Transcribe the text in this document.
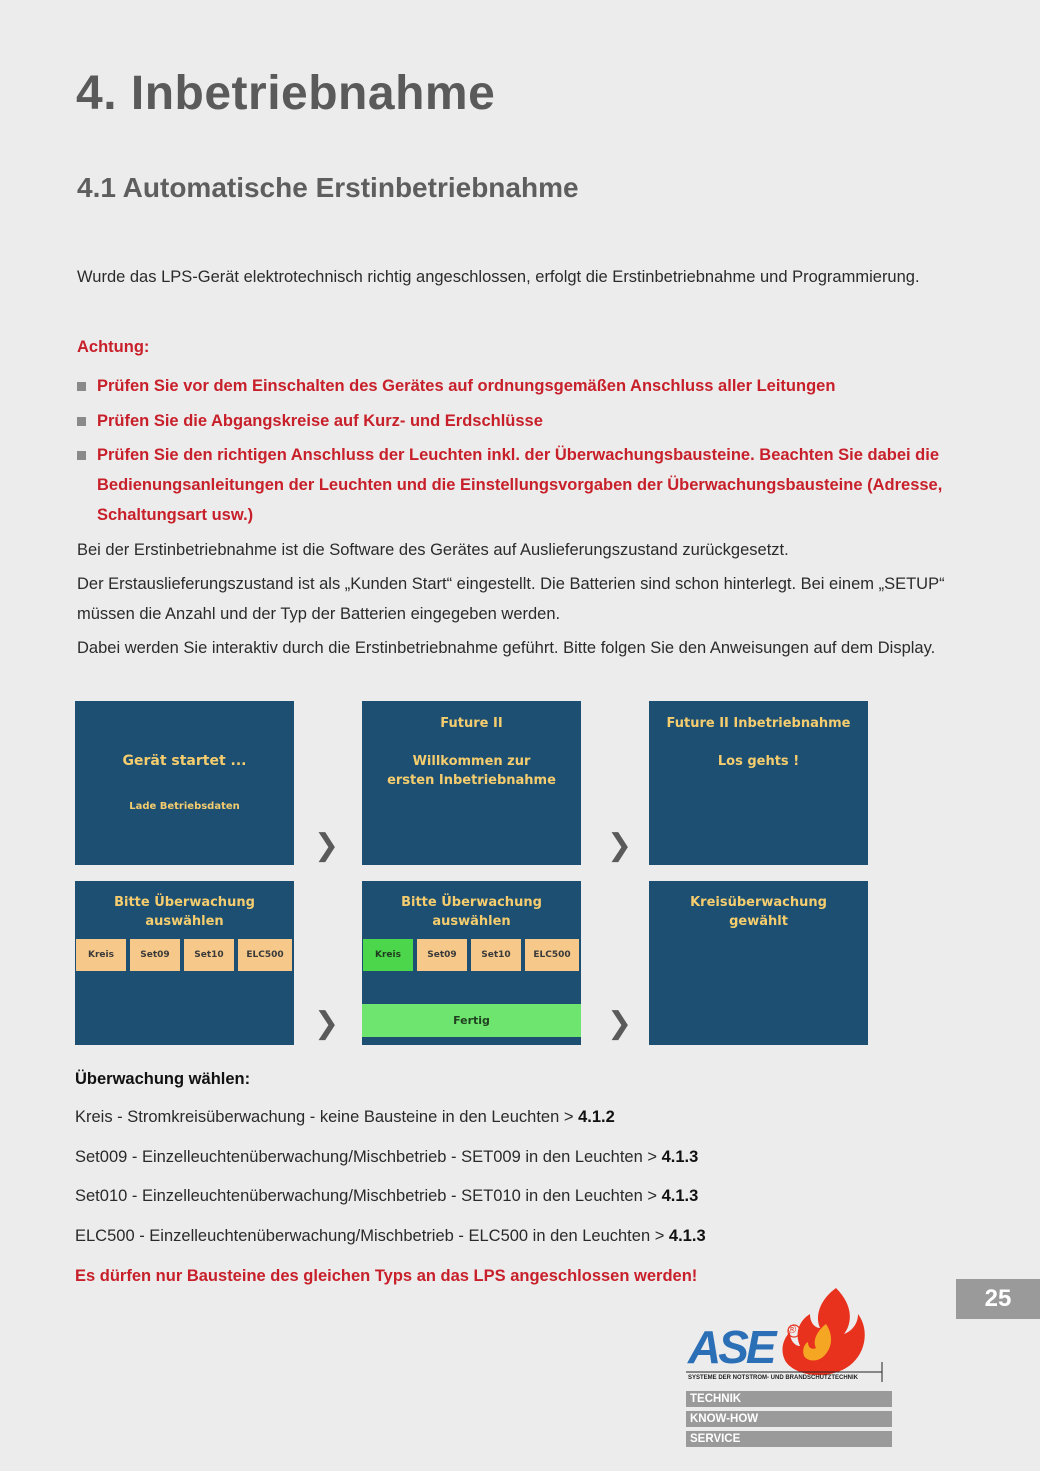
4. Inbetriebnahme
4.1 Automatische Erstinbetriebnahme
Wurde das LPS-Gerät elektrotechnisch richtig angeschlossen, erfolgt die Erstinbetriebnahme und Programmierung.
Achtung:
Prüfen Sie vor dem Einschalten des Gerätes auf ordnungsgemäßen Anschluss aller Leitungen
Prüfen Sie die Abgangskreise auf Kurz- und Erdschlüsse
Prüfen Sie den richtigen Anschluss der Leuchten inkl. der Überwachungsbausteine. Beachten Sie dabei die Bedienungsanleitungen der Leuchten und die Einstellungsvorgaben der Überwachungsbausteine (Adresse, Schaltungsart usw.)
Bei der Erstinbetriebnahme ist die Software des Gerätes auf Auslieferungszustand zurückgesetzt.
Der Erstauslieferungszustand ist als „Kunden Start“ eingestellt. Die Batterien sind schon hinterlegt. Bei einem „SETUP“ müssen die Anzahl und der Typ der Batterien eingegeben werden.
Dabei werden Sie interaktiv durch die Erstinbetriebnahme geführt. Bitte folgen Sie den Anweisungen auf dem Display.
Gerät startet ...
Lade Betriebsdaten
❯
Future II
Willkommen zur
ersten Inbetriebnahme
❯
Future II Inbetriebnahme
Los gehts !
Bitte Überwachung
auswählen
Kreis	Set09	Set10	ELC500
❯
Bitte Überwachung
auswählen
Kreis	Set09	Set10	ELC500
Fertig	❯
Kreisüberwachung
gewählt
Überwachung wählen:
Kreis - Stromkreisüberwachung - keine Bausteine in den Leuchten > 4.1.2
Set009 - Einzelleuchtenüberwachung/Mischbetrieb - SET009 in den Leuchten > 4.1.3
Set010 - Einzelleuchtenüberwachung/Mischbetrieb - SET010 in den Leuchten > 4.1.3
ELC500 - Einzelleuchtenüberwachung/Mischbetrieb - ELC500 in den Leuchten > 4.1.3
Es dürfen nur Bausteine des gleichen Typs an das LPS angeschlossen werden!
25
ASE ®
SYSTEME DER NOTSTROM- UND BRANDSCHUTZTECHNIK
TECHNIK
KNOW-HOW
SERVICE
